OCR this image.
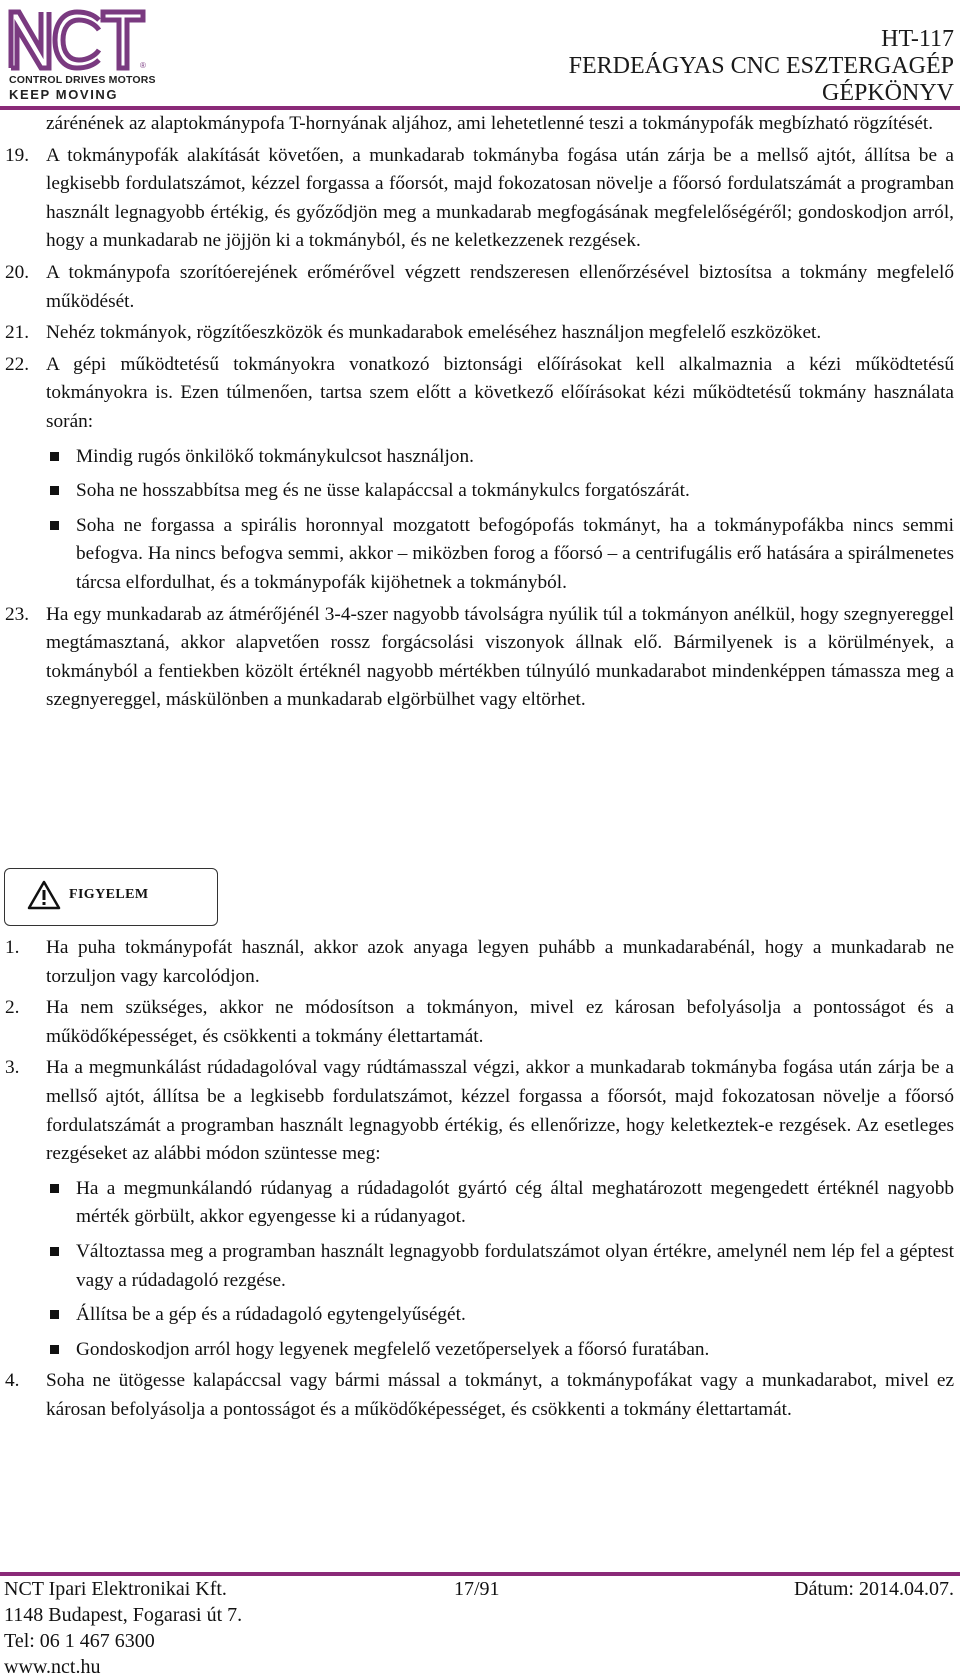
®
CONTROL DRIVES MOTORS
KEEP MOVING
HT-117
FERDEÁGYAS CNC ESZTERGAGÉP
GÉPKÖNYV

zárénének az alaptokmánypofa T-hornyának aljához, ami lehetetlenné teszi a tokmánypofák megbízható rögzítését.

19. A tokmánypofák alakítását követően, a munkadarab tokmányba fogása után zárja be a mellső ajtót, állítsa be a legkisebb fordulatszámot, kézzel forgassa a főorsót, majd fokozatosan növelje a főorsó fordulatszámát a programban használt legnagyobb értékig, és győződjön meg a munkadarab megfogásának megfelelőségéről; gondoskodjon arról, hogy a munkadarab ne jöjjön ki a tokmányból, és ne keletkezzenek rezgések.
20. A tokmánypofa szorítóerejének erőmérővel végzett rendszeresen ellenőrzésével biztosítsa a tokmány megfelelő működését.
21. Nehéz tokmányok, rögzítőeszközök és munkadarabok emeléséhez használjon megfelelő eszközöket.
22. A gépi működtetésű tokmányokra vonatkozó biztonsági előírásokat kell alkalmaznia a kézi működtetésű tokmányokra is. Ezen túlmenően, tartsa szem előtt a következő előírásokat kézi működtetésű tokmány használata során:
Mindig rugós önkilökő tokmánykulcsot használjon.
Soha ne hosszabbítsa meg és ne üsse kalapáccsal a tokmánykulcs forgatószárát.
Soha ne forgassa a spirális horonnyal mozgatott befogópofás tokmányt, ha a tokmánypofákba nincs semmi befogva. Ha nincs befogva semmi, akkor – miközben forog a főorsó – a centrifugális erő hatására a spirálmenetes tárcsa elfordulhat, és a tokmánypofák kijöhetnek a tokmányból.
23. Ha egy munkadarab az átmérőjénél 3-4-szer nagyobb távolságra nyúlik túl a tokmányon anélkül, hogy szegnyereggel megtámasztaná, akkor alapvetően rossz forgácsolási viszonyok állnak elő. Bármilyenek is a körülmények, a tokmányból a fentiekben közölt értéknél nagyobb mértékben túlnyúló munkadarabot mindenképpen támassza meg a szegnyereggel, máskülönben a munkadarab elgörbülhet vagy eltörhet.
FIGYELEM
1. Ha puha tokmánypofát használ, akkor azok anyaga legyen puhább a munkadarabénál, hogy a munkadarab ne torzuljon vagy karcolódjon.
2. Ha nem szükséges, akkor ne módosítson a tokmányon, mivel ez károsan befolyásolja a pontosságot és a működőképességet, és csökkenti a tokmány élettartamát.
3. Ha a megmunkálást rúdadagolóval vagy rúdtámasszal végzi, akkor a munkadarab tokmányba fogása után zárja be a mellső ajtót, állítsa be a legkisebb fordulatszámot, kézzel forgassa a főorsót, majd fokozatosan növelje a főorsó fordulatszámát a programban használt legnagyobb értékig, és ellenőrizze, hogy keletkeztek-e rezgések. Az esetleges rezgéseket az alábbi módon szüntesse meg:
Ha a megmunkálandó rúdanyag a rúdadagolót gyártó cég által meghatározott megengedett értéknél nagyobb mérték görbült, akkor egyengesse ki a rúdanyagot.
Változtassa meg a programban használt legnagyobb fordulatszámot olyan értékre, amelynél nem lép fel a géptest vagy a rúdadagoló rezgése.
Állítsa be a gép és a rúdadagoló egytengelyűségét.
Gondoskodjon arról hogy legyenek megfelelő vezetőperselyek a főorsó furatában.
4. Soha ne ütögesse kalapáccsal vagy bármi mással a tokmányt, a tokmánypofákat vagy a munkadarabot, mivel ez károsan befolyásolja a pontosságot és a működőképességet, és csökkenti a tokmány élettartamát.
NCT Ipari Elektronikai Kft.	17/91	Dátum: 2014.04.07.
1148 Budapest, Fogarasi út 7.
Tel: 06 1 467 6300
www.nct.hu
